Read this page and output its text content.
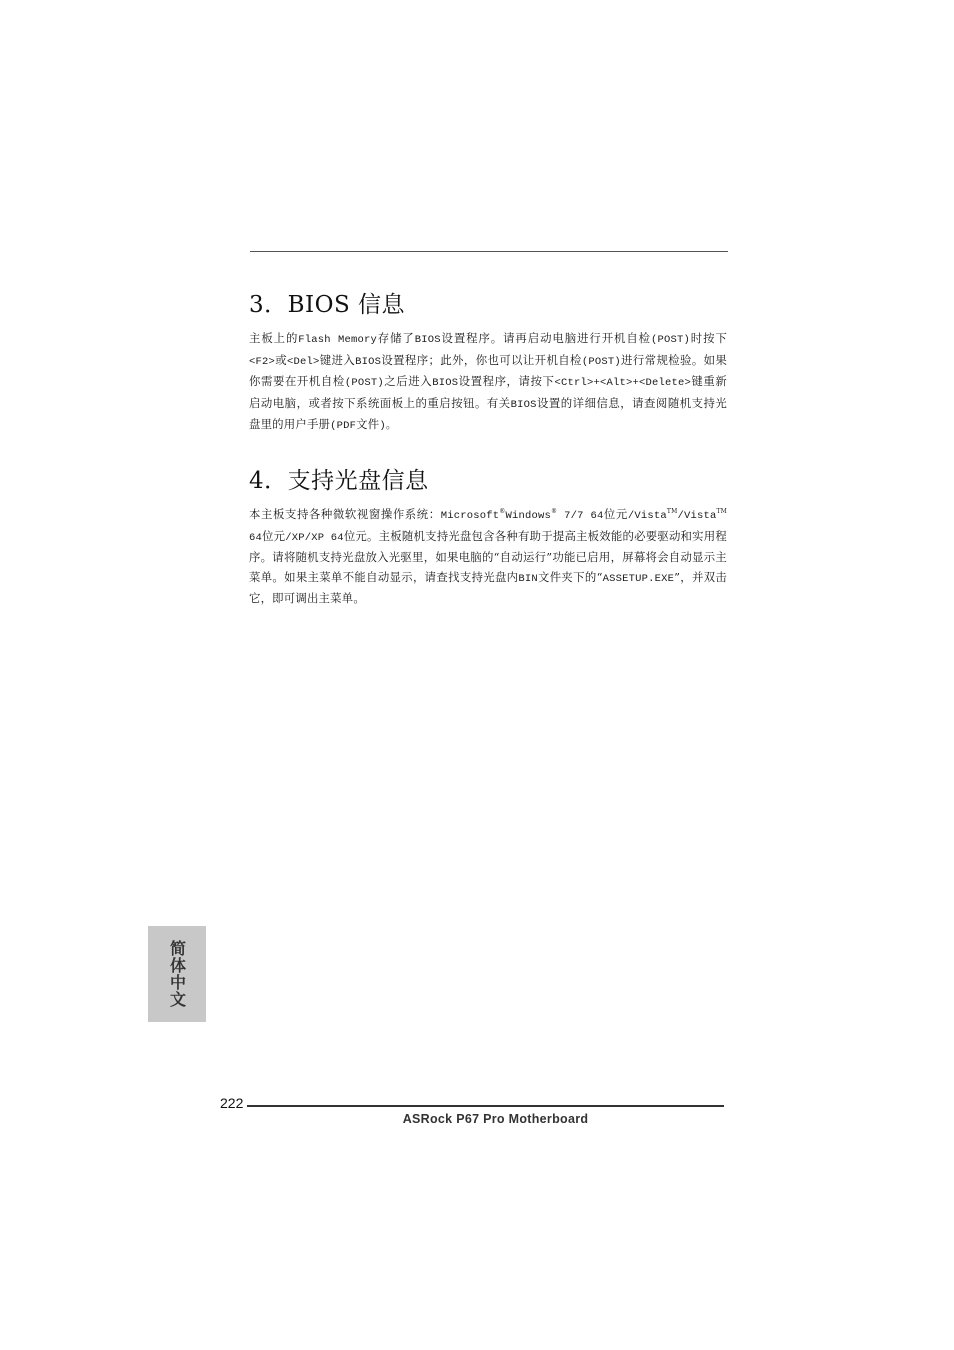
3．BIOS 信息

主板上的Flash Memory存储了BIOS设置程序。请再启动电脑进行开机自检(POST)时按下<F2>或<Del>键进入BIOS设置程序；此外，你也可以让开机自检(POST)进行常规检验。如果你需要在开机自检(POST)之后进入BIOS设置程序，请按下<Ctrl>+<Alt>+<Delete>键重新启动电脑，或者按下系统面板上的重启按钮。有关BIOS设置的详细信息，请查阅随机支持光盘里的用户手册(PDF文件)。

4．支持光盘信息

本主板支持各种微软视窗操作系统：Microsoft®Windows® 7/7 64位元/Vista™/Vista™ 64位元/XP/XP 64位元。主板随机支持光盘包含各种有助于提高主板效能的必要驱动和实用程序。请将随机支持光盘放入光驱里，如果电脑的“自动运行”功能已启用，屏幕将会自动显示主菜单。如果主菜单不能自动显示，请查找支持光盘内BIN文件夹下的“ASSETUP.EXE”，并双击它，即可调出主菜单。

简体中文
222
ASRock P67 Pro Motherboard
